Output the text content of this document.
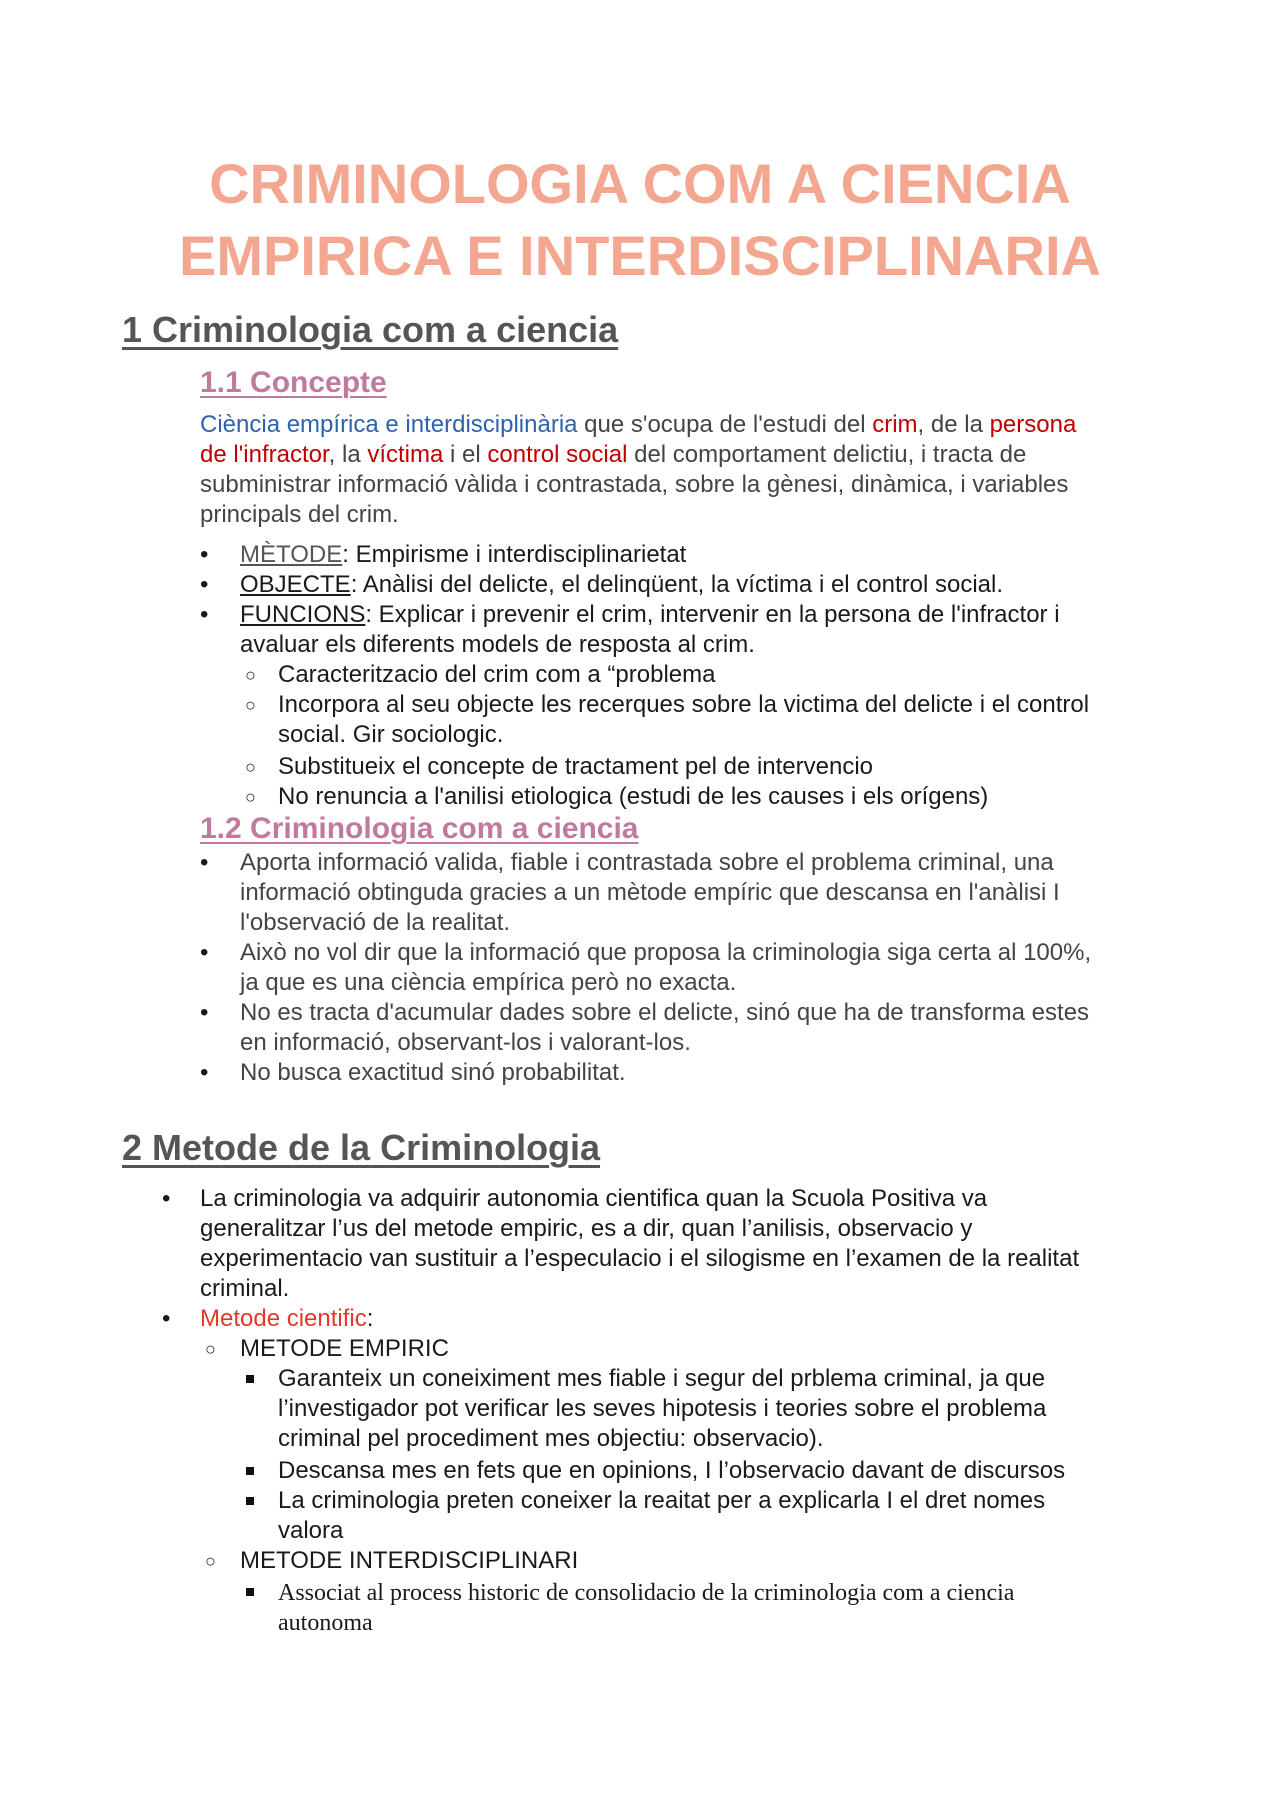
CRIMINOLOGIA COM A CIENCIA
EMPIRICA E INTERDISCIPLINARIA
1 Criminologia com a ciencia
1.1 Concepte
Ciència empírica e interdisciplinària que s'ocupa de l'estudi del crim, de la persona
de l'infractor, la víctima i el control social del comportament delictiu, i tracta de
subministrar informació vàlida i contrastada, sobre la gènesi, dinàmica, i variables
principals del crim.
• MÈTODE: Empirisme i interdisciplinarietat
• OBJECTE: Anàlisi del delicte, el delinqüent, la víctima i el control social.
• FUNCIONS: Explicar i prevenir el crim, intervenir en la persona de l'infractor i
avaluar els diferents models de resposta al crim.
○ Caracteritzacio del crim com a “problema
○ Incorpora al seu objecte les recerques sobre la victima del delicte i el control
social. Gir sociologic.
○ Substitueix el concepte de tractament pel de intervencio
○ No renuncia a l'anilisi etiologica (estudi de les causes i els orígens)
1.2 Criminologia com a ciencia
• Aporta informació valida, fiable i contrastada sobre el problema criminal, una
informació obtinguda gracies a un mètode empíric que descansa en l'anàlisi I
l'observació de la realitat.
• Això no vol dir que la informació que proposa la criminologia siga certa al 100%,
ja que es una ciència empírica però no exacta.
• No es tracta d'acumular dades sobre el delicte, sinó que ha de transforma estes
en informació, observant-los i valorant-los.
• No busca exactitud sinó probabilitat.
2 Metode de la Criminologia
• La criminologia va adquirir autonomia cientifica quan la Scuola Positiva va
generalitzar l’us del metode empiric, es a dir, quan l’anilisis, observacio y
experimentacio van sustituir a l’especulacio i el silogisme en l’examen de la realitat
criminal.
• Metode cientific:
○ METODE EMPIRIC
Garanteix un coneiximent mes fiable i segur del prblema criminal, ja que
l’investigador pot verificar les seves hipotesis i teories sobre el problema
criminal pel procediment mes objectiu: observacio).
Descansa mes en fets que en opinions, I l’observacio davant de discursos
La criminologia preten coneixer la reaitat per a explicarla I el dret nomes
valora
○ METODE INTERDISCIPLINARI
Associat al process historic de consolidacio de la criminologia com a ciencia
autonoma
